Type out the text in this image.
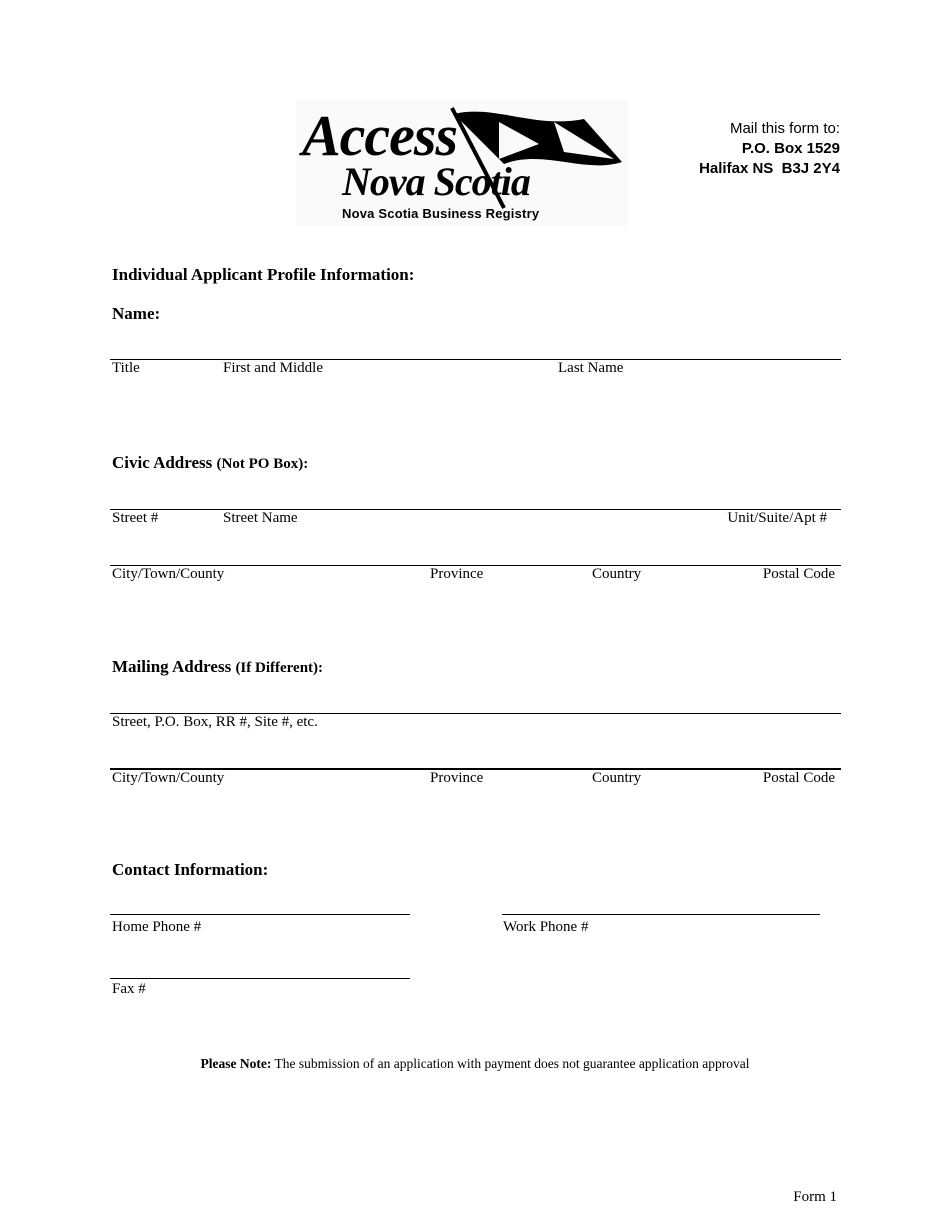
Access
Nova Scotia
Nova Scotia Business Registry
Mail this form to:
P.O. Box 1529
Halifax NS  B3J 2Y4
Individual Applicant Profile Information:
Name:
Title	First and Middle	Last Name
Civic Address (Not PO Box):
Street #	Street Name	Unit/Suite/Apt #
City/Town/County	Province	Country	Postal Code
Mailing Address (If Different):
Street, P.O. Box, RR #, Site #, etc.
City/Town/County	Province	Country	Postal Code
Contact Information:
Home Phone #	Work Phone #
Fax #
Please Note: The submission of an application with payment does not guarantee application approval
Form 1
